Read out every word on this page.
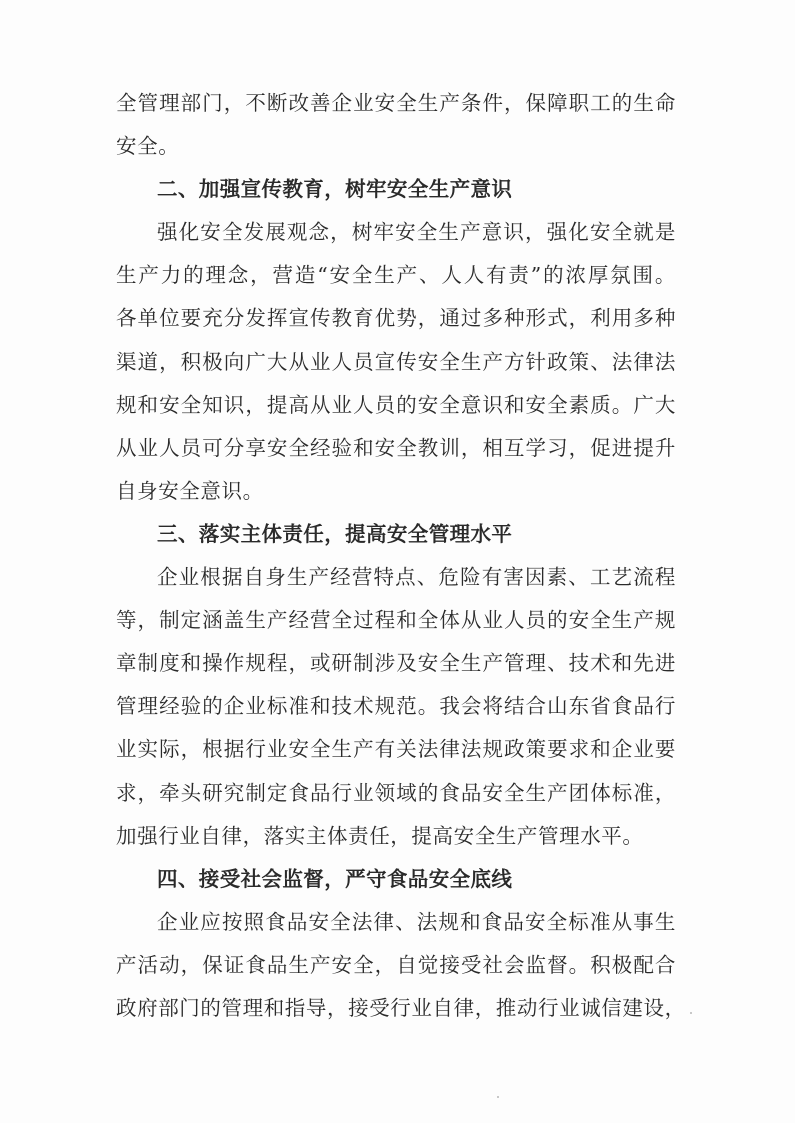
全管理部门，不断改善企业安全生产条件，保障职工的生命
安全。
二、加强宣传教育，树牢安全生产意识
强化安全发展观念，树牢安全生产意识，强化安全就是
生产力的理念，营造“安全生产、人人有责”的浓厚氛围。
各单位要充分发挥宣传教育优势，通过多种形式，利用多种
渠道，积极向广大从业人员宣传安全生产方针政策、法律法
规和安全知识，提高从业人员的安全意识和安全素质。广大
从业人员可分享安全经验和安全教训，相互学习，促进提升
自身安全意识。
三、落实主体责任，提高安全管理水平
企业根据自身生产经营特点、危险有害因素、工艺流程
等，制定涵盖生产经营全过程和全体从业人员的安全生产规
章制度和操作规程，或研制涉及安全生产管理、技术和先进
管理经验的企业标准和技术规范。我会将结合山东省食品行
业实际，根据行业安全生产有关法律法规政策要求和企业要
求，牵头研究制定食品行业领域的食品安全生产团体标准，
加强行业自律，落实主体责任，提高安全生产管理水平。
四、接受社会监督，严守食品安全底线
企业应按照食品安全法律、法规和食品安全标准从事生
产活动，保证食品生产安全，自觉接受社会监督。积极配合
政府部门的管理和指导，接受行业自律，推动行业诚信建设，
